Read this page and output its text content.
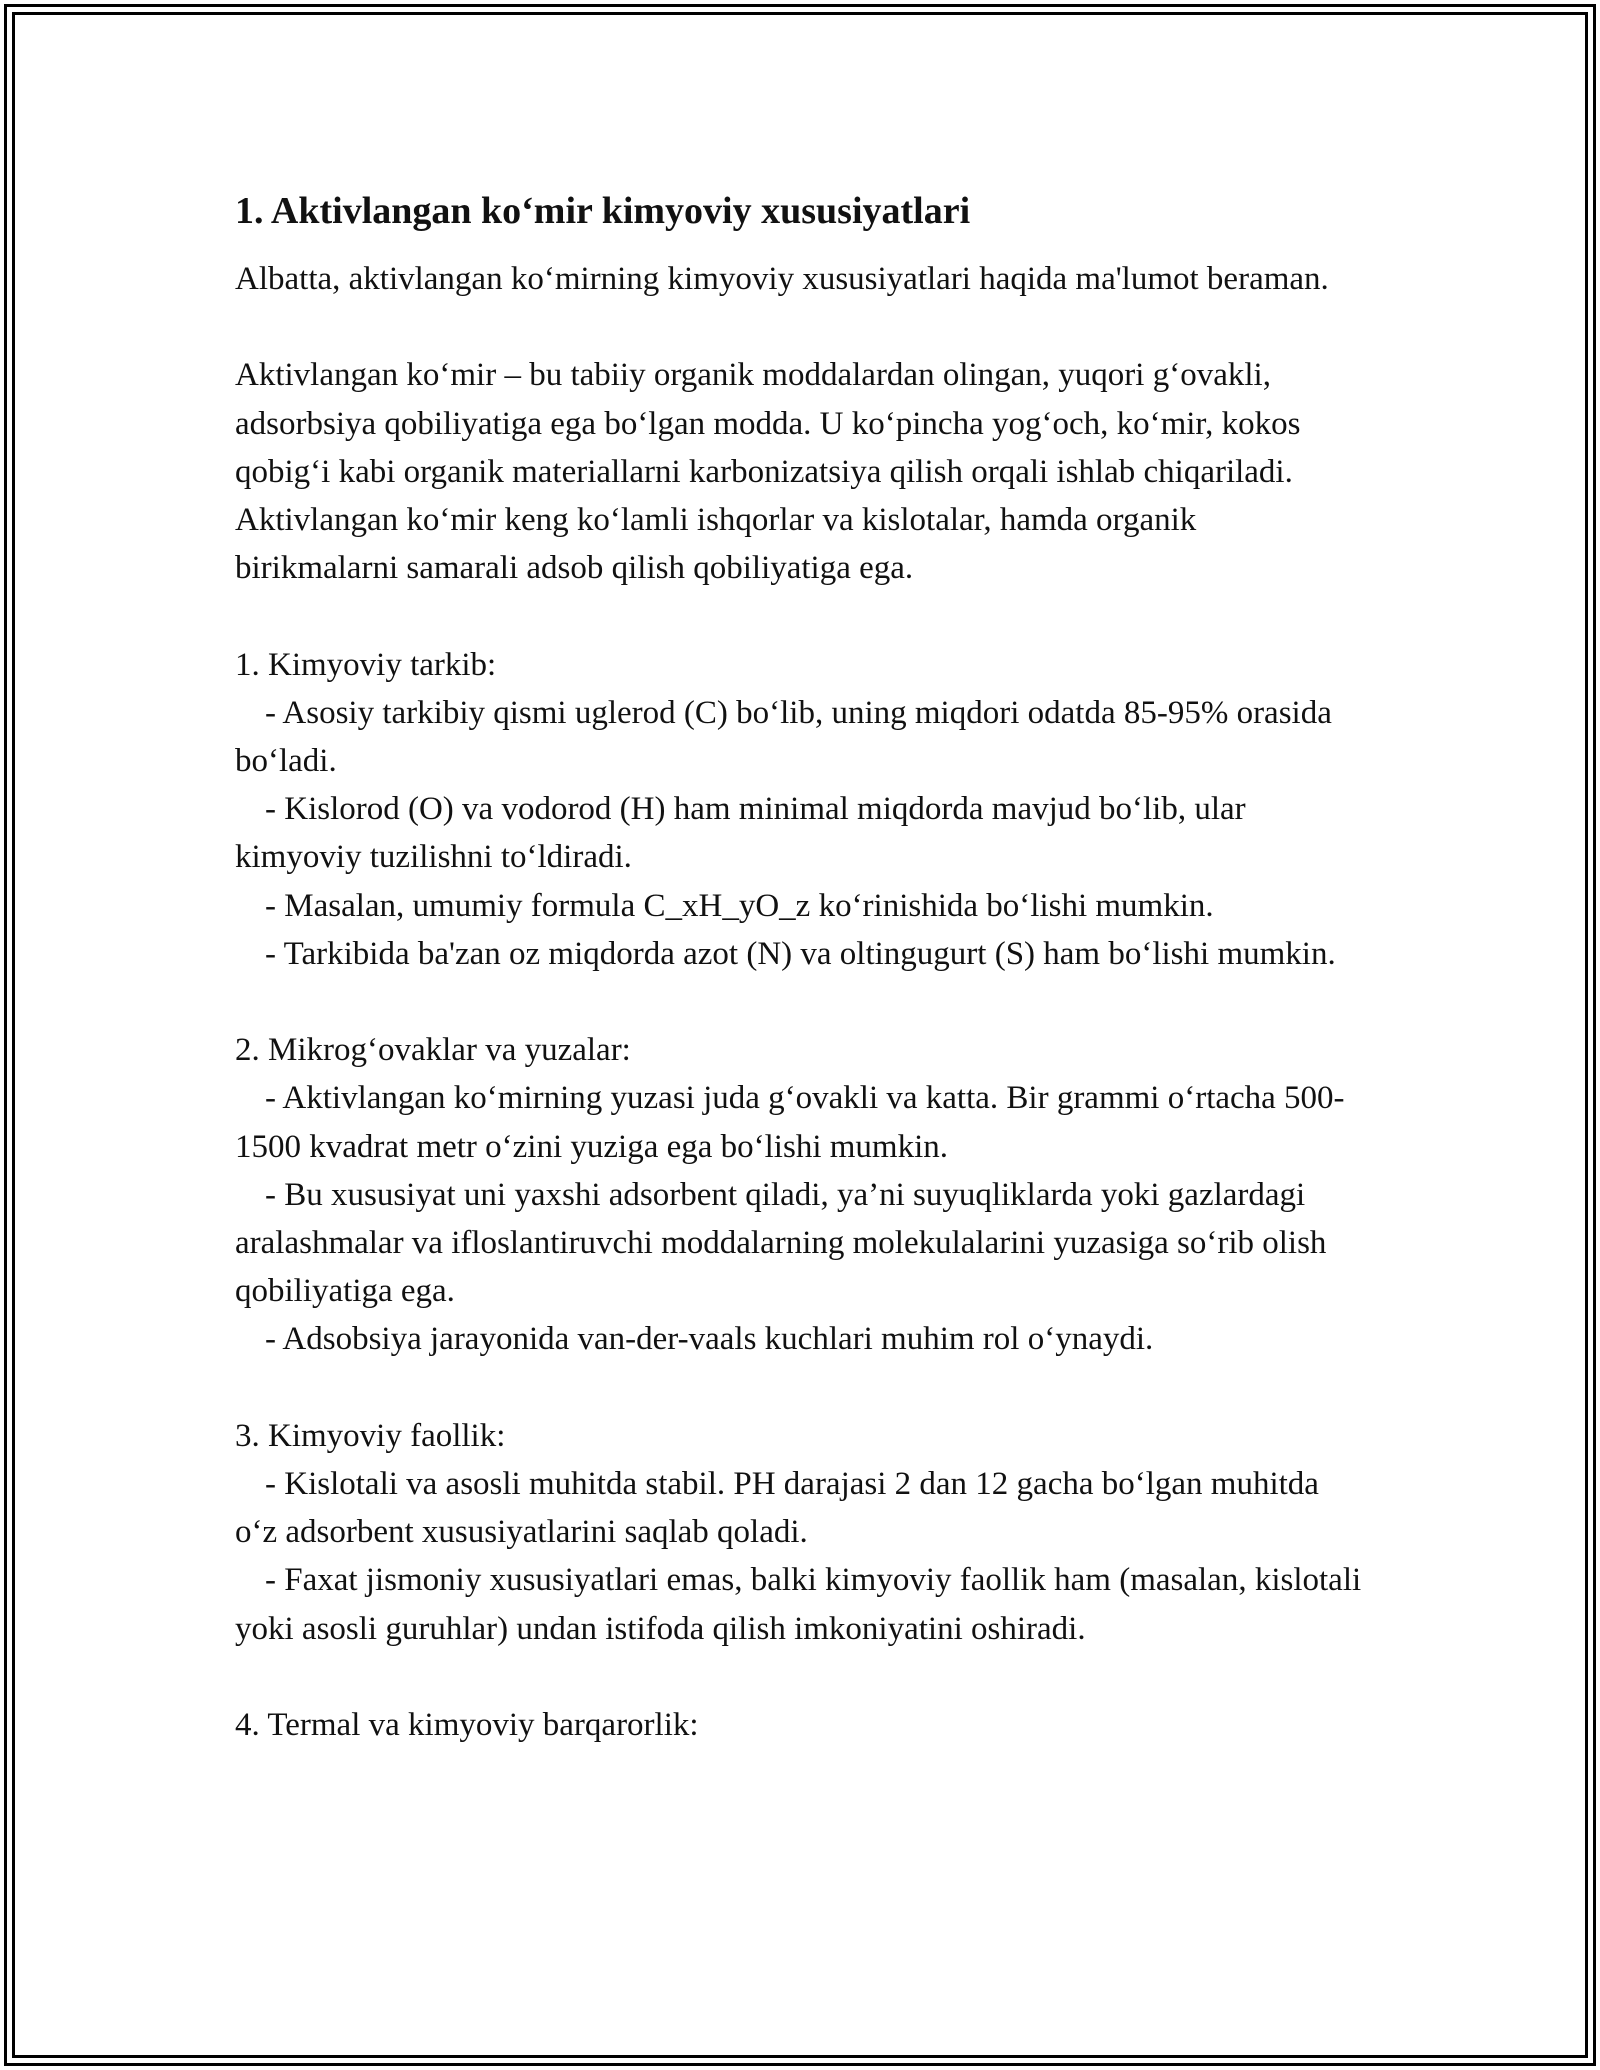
1. Aktivlangan ko‘mir kimyoviy xususiyatlari

Albatta, aktivlangan ko‘mirning kimyoviy xususiyatlari haqida ma'lumot beraman.

Aktivlangan ko‘mir – bu tabiiy organik moddalardan olingan, yuqori g‘ovakli, adsorbsiya qobiliyatiga ega bo‘lgan modda. U ko‘pincha yog‘och, ko‘mir, kokos qobig‘i kabi organik materiallarni karbonizatsiya qilish orqali ishlab chiqariladi. Aktivlangan ko‘mir keng ko‘lamli ishqorlar va kislotalar, hamda organik birikmalarni samarali adsob qilish qobiliyatiga ega.

1. Kimyoviy tarkib:

- Asosiy tarkibiy qismi uglerod (C) bo‘lib, uning miqdori odatda 85-95% orasida bo‘ladi.

- Kislorod (O) va vodorod (H) ham minimal miqdorda mavjud bo‘lib, ular kimyoviy tuzilishni to‘ldiradi.

- Masalan, umumiy formula C_xH_yO_z ko‘rinishida bo‘lishi mumkin.

- Tarkibida ba'zan oz miqdorda azot (N) va oltingugurt (S) ham bo‘lishi mumkin.

2. Mikrog‘ovaklar va yuzalar:

- Aktivlangan ko‘mirning yuzasi juda g‘ovakli va katta. Bir grammi o‘rtacha 500-1500 kvadrat metr o‘zini yuziga ega bo‘lishi mumkin.

- Bu xususiyat uni yaxshi adsorbent qiladi, ya’ni suyuqliklarda yoki gazlardagi aralashmalar va ifloslantiruvchi moddalarning molekulalarini yuzasiga so‘rib olish qobiliyatiga ega.

- Adsobsiya jarayonida van-der-vaals kuchlari muhim rol o‘ynaydi.

3. Kimyoviy faollik:

- Kislotali va asosli muhitda stabil. PH darajasi 2 dan 12 gacha bo‘lgan muhitda o‘z adsorbent xususiyatlarini saqlab qoladi.

- Faxat jismoniy xususiyatlari emas, balki kimyoviy faollik ham (masalan, kislotali yoki asosli guruhlar) undan istifoda qilish imkoniyatini oshiradi.

4. Termal va kimyoviy barqarorlik:
